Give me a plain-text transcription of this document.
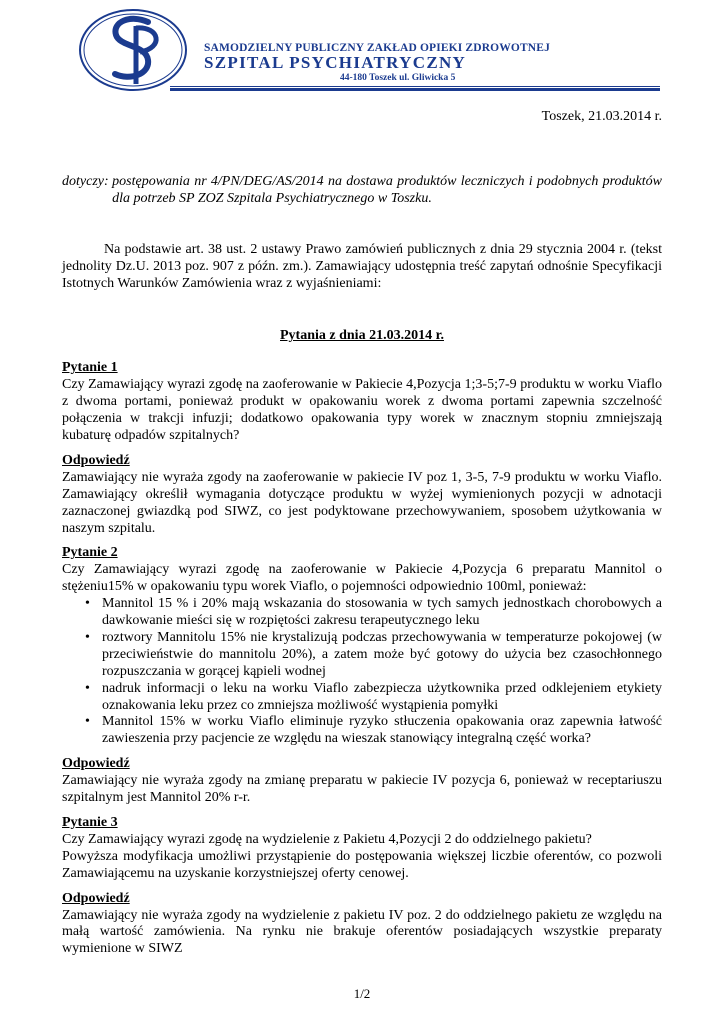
SAMODZIELNY PUBLICZNY ZAKŁAD OPIEKI ZDROWOTNEJ
SZPITAL PSYCHIATRYCZNY
44-180 Toszek ul. Gliwicka 5
Toszek, 21.03.2014 r.
dotyczy: postępowania nr 4/PN/DEG/AS/2014 na dostawa produktów leczniczych i podobnych produktów dla potrzeb SP ZOZ Szpitala Psychiatrycznego w Toszku.
Na podstawie art. 38 ust. 2 ustawy Prawo zamówień publicznych z dnia 29 stycznia 2004 r. (tekst jednolity Dz.U. 2013 poz. 907 z późn. zm.). Zamawiający udostępnia treść zapytań odnośnie Specyfikacji Istotnych Warunków Zamówienia wraz z wyjaśnieniami:
Pytania z dnia 21.03.2014 r.
Pytanie 1
Czy Zamawiający wyrazi zgodę na zaoferowanie w Pakiecie 4,Pozycja 1;3-5;7-9 produktu w worku Viaflo z dwoma portami, ponieważ produkt w opakowaniu worek z dwoma portami zapewnia szczelność połączenia w trakcji infuzji; dodatkowo opakowania typy worek w znacznym stopniu zmniejszają kubaturę odpadów szpitalnych?
Odpowiedź
Zamawiający nie wyraża zgody na zaoferowanie w pakiecie IV poz 1, 3-5, 7-9 produktu w worku Viaflo. Zamawiający określił wymagania dotyczące produktu w wyżej wymienionych pozycji w adnotacji zaznaczonej gwiazdką pod SIWZ, co jest podyktowane przechowywaniem, sposobem użytkowania w naszym szpitalu.
Pytanie 2
Czy Zamawiający wyrazi zgodę na zaoferowanie w Pakiecie 4,Pozycja 6 preparatu Mannitol o stężeniu15% w opakowaniu typu worek Viaflo, o pojemności odpowiednio 100ml, ponieważ:
• Mannitol 15 % i 20% mają wskazania do stosowania w tych samych jednostkach chorobowych a dawkowanie mieści się w rozpiętości zakresu terapeutycznego leku
• roztwory Mannitolu 15% nie krystalizują podczas przechowywania w temperaturze pokojowej (w przeciwieństwie do mannitolu 20%), a zatem może być gotowy do użycia bez czasochłonnego rozpuszczania w gorącej kąpieli wodnej
• nadruk informacji o leku na worku Viaflo zabezpiecza użytkownika przed odklejeniem etykiety oznakowania leku przez co zmniejsza możliwość wystąpienia pomyłki
• Mannitol 15% w worku Viaflo eliminuje ryzyko stłuczenia opakowania oraz zapewnia łatwość zawieszenia przy pacjencie ze względu na wieszak stanowiący integralną część worka?
Odpowiedź
Zamawiający nie wyraża zgody na zmianę preparatu w pakiecie IV pozycja 6, ponieważ w receptariuszu szpitalnym jest Mannitol 20% r-r.
Pytanie 3
Czy Zamawiający wyrazi zgodę na wydzielenie z Pakietu 4,Pozycji 2 do oddzielnego pakietu?
Powyższa modyfikacja umożliwi przystąpienie do postępowania większej liczbie oferentów, co pozwoli Zamawiającemu na uzyskanie korzystniejszej oferty cenowej.
Odpowiedź
Zamawiający nie wyraża zgody na wydzielenie z pakietu IV poz. 2 do oddzielnego pakietu ze względu na małą wartość zamówienia. Na rynku nie brakuje oferentów posiadających wszystkie preparaty wymienione w SIWZ
1/2
